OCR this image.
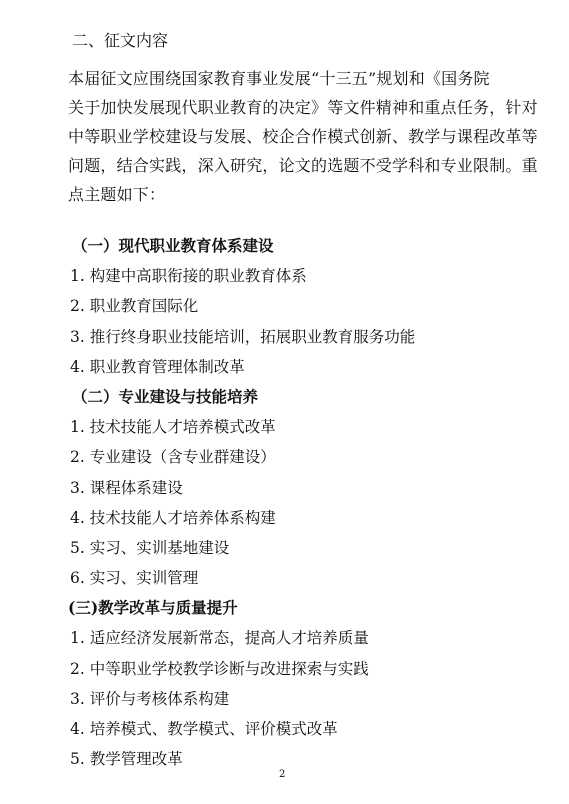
二、征文内容
本届征文应围绕国家教育事业发展“十三五”规划和《国务院
关于加快发展现代职业教育的决定》等文件精神和重点任务，针对
中等职业学校建设与发展、校企合作模式创新、教学与课程改革等
问题，结合实践，深入研究，论文的选题不受学科和专业限制。重
点主题如下：
（一）现代职业教育体系建设
1. 构建中高职衔接的职业教育体系
2. 职业教育国际化
3. 推行终身职业技能培训，拓展职业教育服务功能
4. 职业教育管理体制改革
（二）专业建设与技能培养
1. 技术技能人才培养模式改革
2. 专业建设（含专业群建设）
3. 课程体系建设
4. 技术技能人才培养体系构建
5. 实习、实训基地建设
6. 实习、实训管理
(三)教学改革与质量提升
1. 适应经济发展新常态，提高人才培养质量
2. 中等职业学校教学诊断与改进探索与实践
3. 评价与考核体系构建
4. 培养模式、教学模式、评价模式改革
5. 教学管理改革
2
